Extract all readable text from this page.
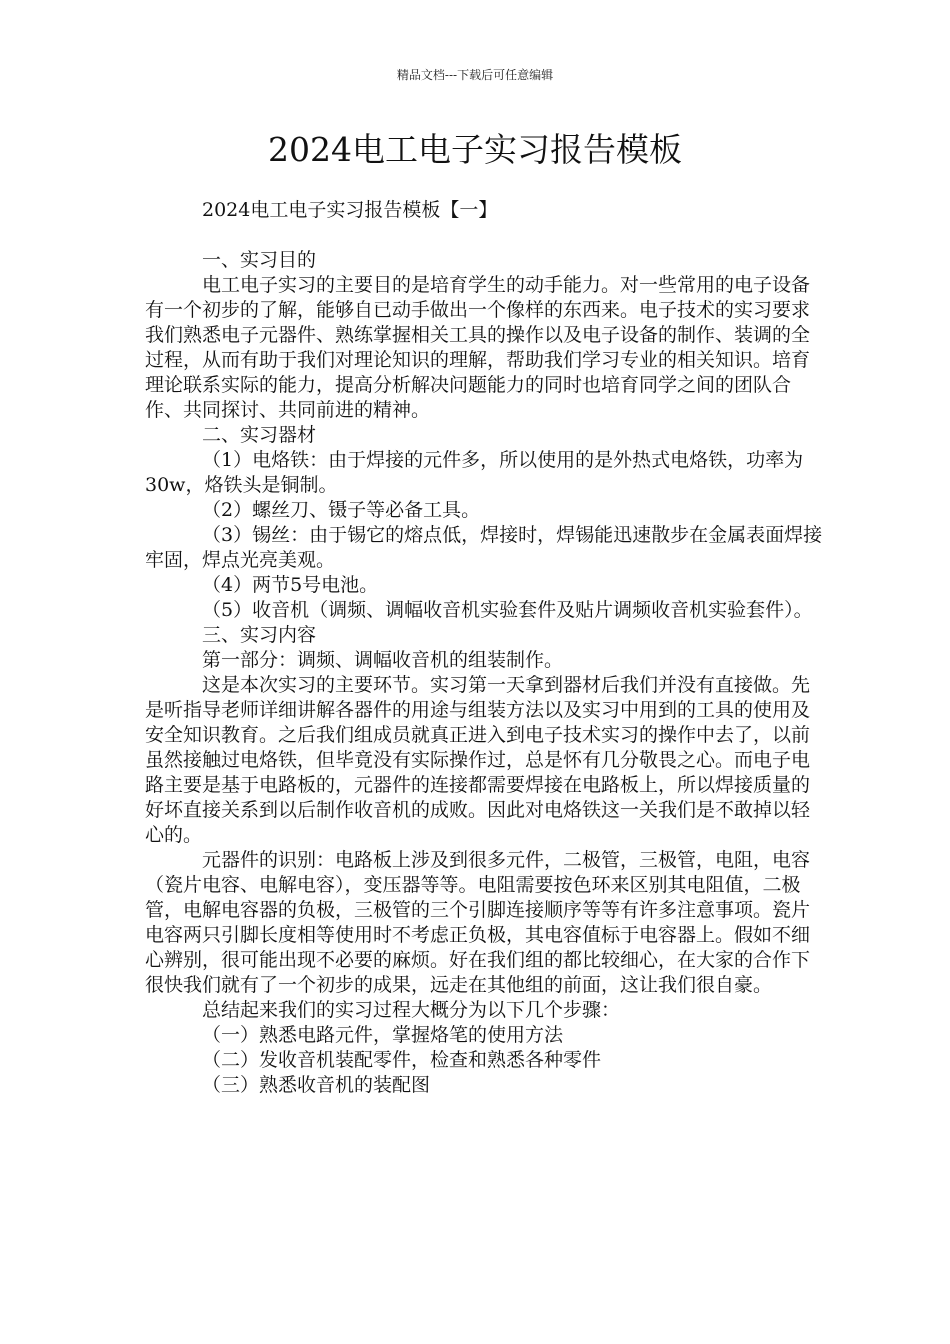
精品文档---下载后可任意编辑
2024电工电子实习报告模板

2024电工电子实习报告模板【一】

一、实习目的

电工电子实习的主要目的是培育学生的动手能力。对一些常用的电子设备有一个初步的了解，能够自已动手做出一个像样的东西来。电子技术的实习要求我们熟悉电子元器件、熟练掌握相关工具的操作以及电子设备的制作、装调的全过程，从而有助于我们对理论知识的理解，帮助我们学习专业的相关知识。培育理论联系实际的能力，提高分析解决问题能力的同时也培育同学之间的团队合作、共同探讨、共同前进的精神。

二、实习器材

（1）电烙铁：由于焊接的元件多，所以使用的是外热式电烙铁，功率为30w，烙铁头是铜制。

（2）螺丝刀、镊子等必备工具。

（3）锡丝：由于锡它的熔点低，焊接时，焊锡能迅速散步在金属表面焊接牢固，焊点光亮美观。

（4）两节5号电池。

（5）收音机（调频、调幅收音机实验套件及贴片调频收音机实验套件）。

三、实习内容

第一部分：调频、调幅收音机的组装制作。

这是本次实习的主要环节。实习第一天拿到器材后我们并没有直接做。先是听指导老师详细讲解各器件的用途与组装方法以及实习中用到的工具的使用及安全知识教育。之后我们组成员就真正进入到电子技术实习的操作中去了，以前虽然接触过电烙铁，但毕竟没有实际操作过，总是怀有几分敬畏之心。而电子电路主要是基于电路板的，元器件的连接都需要焊接在电路板上，所以焊接质量的好坏直接关系到以后制作收音机的成败。因此对电烙铁这一关我们是不敢掉以轻心的。

元器件的识别：电路板上涉及到很多元件，二极管，三极管，电阻，电容（瓷片电容、电解电容），变压器等等。电阻需要按色环来区别其电阻值，二极管，电解电容器的负极，三极管的三个引脚连接顺序等等有许多注意事项。瓷片电容两只引脚长度相等使用时不考虑正负极，其电容值标于电容器上。假如不细心辨别，很可能出现不必要的麻烦。好在我们组的都比较细心，在大家的合作下很快我们就有了一个初步的成果，远走在其他组的前面，这让我们很自豪。

总结起来我们的实习过程大概分为以下几个步骤：

（一）熟悉电路元件，掌握烙笔的使用方法

（二）发收音机装配零件，检查和熟悉各种零件

（三）熟悉收音机的装配图
